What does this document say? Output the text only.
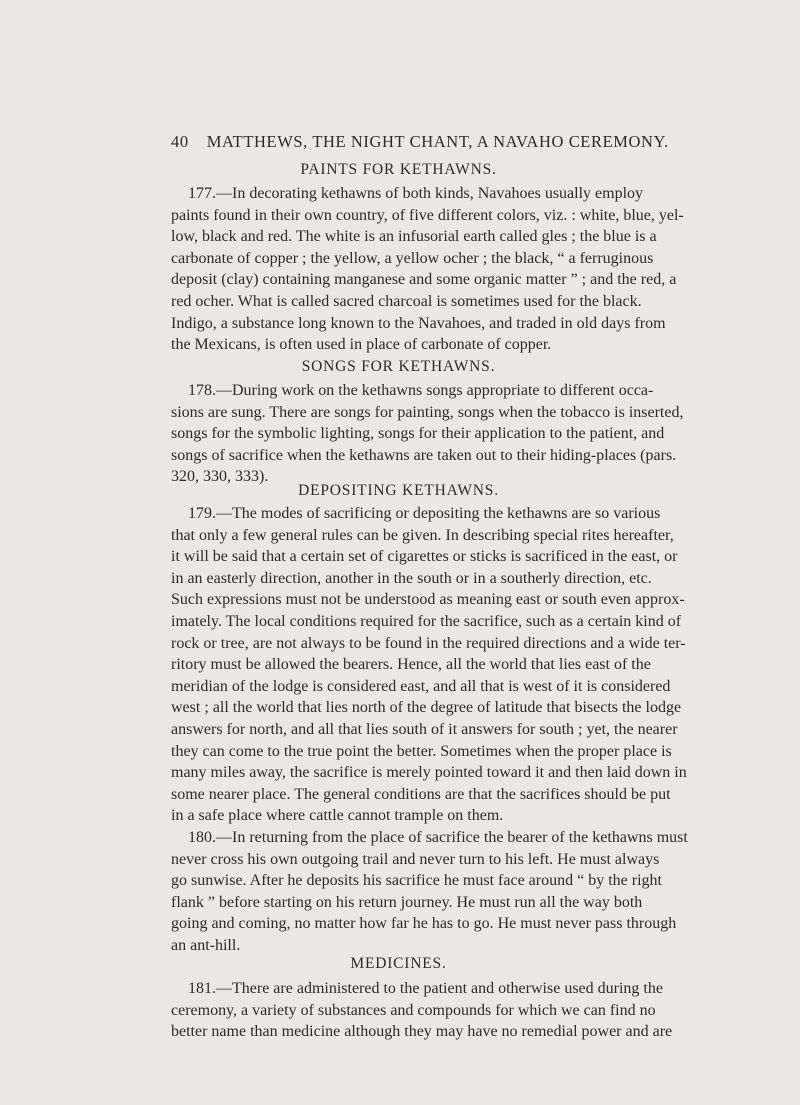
40 MATTHEWS, THE NIGHT CHANT, A NAVAHO CEREMONY.
PAINTS FOR KETHAWNS.

177.—In decorating kethawns of both kinds, Navahoes usually employ
paints found in their own country, of five different colors, viz. : white, blue, yel-
low, black and red. The white is an infusorial earth called gles ; the blue is a
carbonate of copper ; the yellow, a yellow ocher ; the black, “ a ferruginous
deposit (clay) containing manganese and some organic matter ” ; and the red, a
red ocher. What is called sacred charcoal is sometimes used for the black.
Indigo, a substance long known to the Navahoes, and traded in old days from
the Mexicans, is often used in place of carbonate of copper.

SONGS FOR KETHAWNS.

178.—During work on the kethawns songs appropriate to different occa-
sions are sung. There are songs for painting, songs when the tobacco is inserted,
songs for the symbolic lighting, songs for their application to the patient, and
songs of sacrifice when the kethawns are taken out to their hiding-places (pars.
320, 330, 333).

DEPOSITING KETHAWNS.

179.—The modes of sacrificing or depositing the kethawns are so various
that only a few general rules can be given. In describing special rites hereafter,
it will be said that a certain set of cigarettes or sticks is sacrificed in the east, or
in an easterly direction, another in the south or in a southerly direction, etc.
Such expressions must not be understood as meaning east or south even approx-
imately. The local conditions required for the sacrifice, such as a certain kind of
rock or tree, are not always to be found in the required directions and a wide ter-
ritory must be allowed the bearers. Hence, all the world that lies east of the
meridian of the lodge is considered east, and all that is west of it is considered
west ; all the world that lies north of the degree of latitude that bisects the lodge
answers for north, and all that lies south of it answers for south ; yet, the nearer
they can come to the true point the better. Sometimes when the proper place is
many miles away, the sacrifice is merely pointed toward it and then laid down in
some nearer place. The general conditions are that the sacrifices should be put
in a safe place where cattle cannot trample on them.

180.—In returning from the place of sacrifice the bearer of the kethawns must
never cross his own outgoing trail and never turn to his left. He must always
go sunwise. After he deposits his sacrifice he must face around “ by the right
flank ” before starting on his return journey. He must run all the way both
going and coming, no matter how far he has to go. He must never pass through
an ant-hill.

MEDICINES.

181.—There are administered to the patient and otherwise used during the
ceremony, a variety of substances and compounds for which we can find no
better name than medicine although they may have no remedial power and are
